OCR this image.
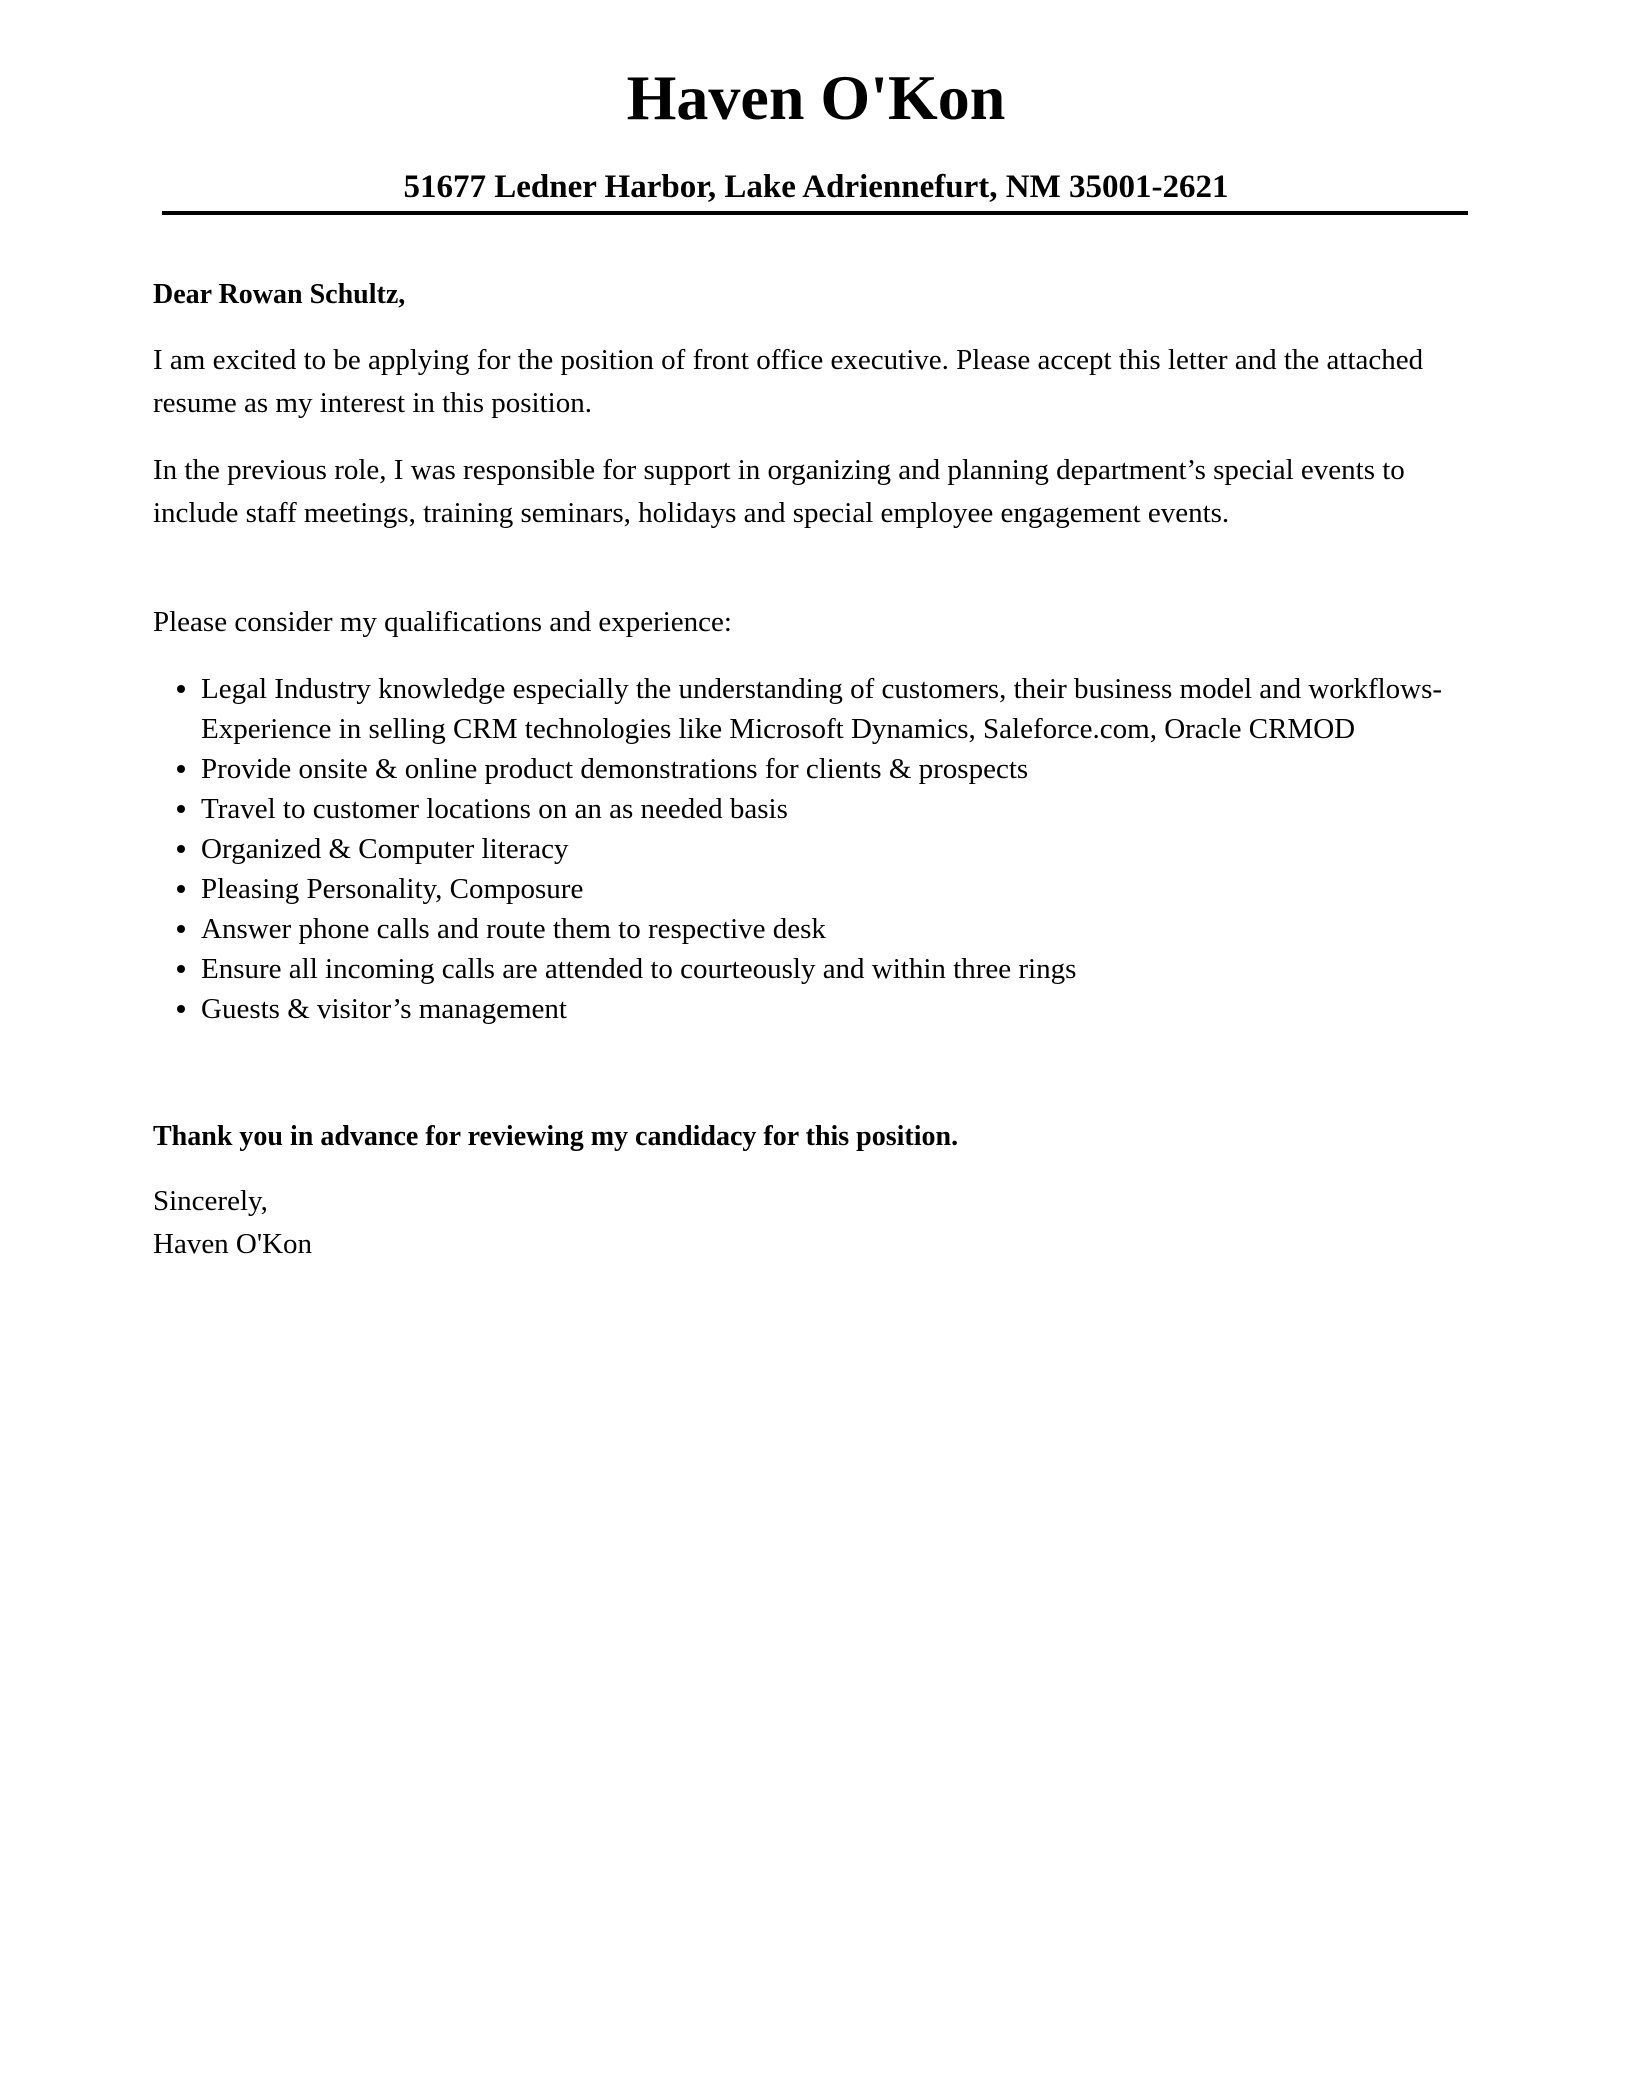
Haven O'Kon

51677 Ledner Harbor, Lake Adriennefurt, NM 35001-2621

Dear Rowan Schultz,

I am excited to be applying for the position of front office executive. Please accept this letter and the attached resume as my interest in this position.

In the previous role, I was responsible for support in organizing and planning department’s special events to include staff meetings, training seminars, holidays and special employee engagement events.

Please consider my qualifications and experience:

Legal Industry knowledge especially the understanding of customers, their business model and workflows- Experience in selling CRM technologies like Microsoft Dynamics, Saleforce.com, Oracle CRMOD
Provide onsite & online product demonstrations for clients & prospects
Travel to customer locations on an as needed basis
Organized & Computer literacy
Pleasing Personality, Composure
Answer phone calls and route them to respective desk
Ensure all incoming calls are attended to courteously and within three rings
Guests & visitor’s management

Thank you in advance for reviewing my candidacy for this position.

Sincerely,

Haven O'Kon
